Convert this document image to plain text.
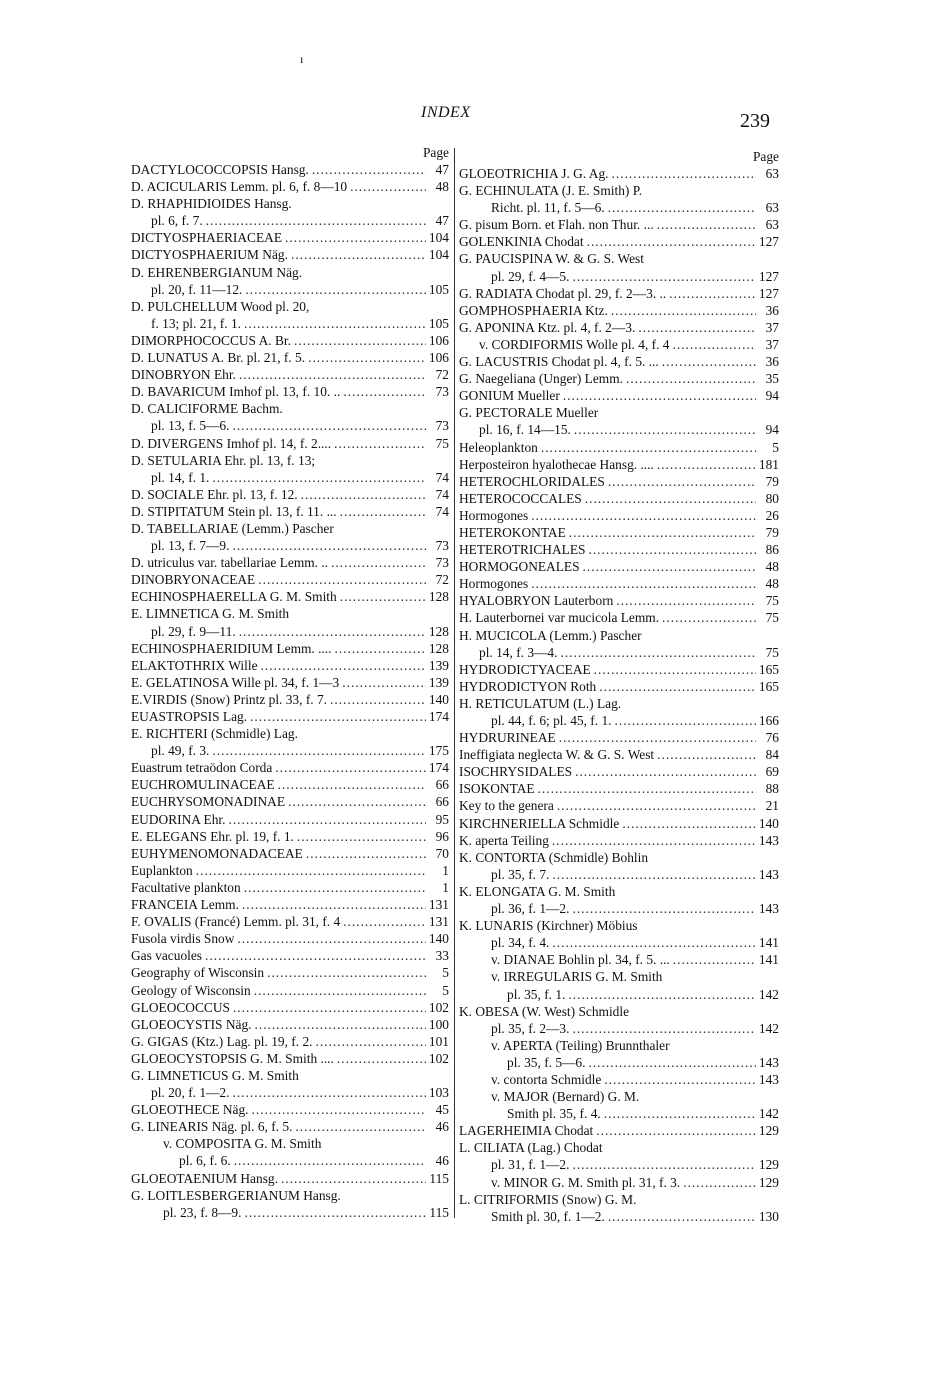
ı
INDEX	239
Page
DACTYLOCOCCOPSIS Hansg. .....	47
D. ACICULARIS Lemm. pl. 6, f. 8—10 .....	48
D. RHAPHIDIOIDES Hansg.
pl. 6, f. 7. .....	47
DICTYOSPHAERIACEAE .....	104
DICTYOSPHAERIUM Näg. .....	104
D. EHRENBERGIANUM Näg.
pl. 20, f. 11—12. .....	105
D. PULCHELLUM Wood pl. 20,
f. 13; pl. 21, f. 1. .....	105
DIMORPHOCOCCUS A. Br. .....	106
D. LUNATUS A. Br. pl. 21, f. 5. .....	106
DINOBRYON Ehr. .....	72
D. BAVARICUM Imhof pl. 13, f. 10. .. .....	73
D. CALICIFORME Bachm.
pl. 13, f. 5—6. .....	73
D. DIVERGENS Imhof pl. 14, f. 2.... .....	75
D. SETULARIA Ehr. pl. 13, f. 13;
pl. 14, f. 1. .....	74
D. SOCIALE Ehr. pl. 13, f. 12. .....	74
D. STIPITATUM Stein pl. 13, f. 11. ... .....	74
D. TABELLARIAE (Lemm.) Pascher
pl. 13, f. 7—9. .....	73
D. utriculus var. tabellariae Lemm. .. .....	73
DINOBRYONACEAE .....	72
ECHINOSPHAERELLA G. M. Smith .....	128
E. LIMNETICA G. M. Smith
pl. 29, f. 9—11. .....	128
ECHINOSPHAERIDIUM Lemm. .... .....	128
ELAKTOTHRIX Wille .....	139
E. GELATINOSA Wille pl. 34, f. 1—3 .....	139
E.VIRDIS (Snow) Printz pl. 33, f. 7. .....	140
EUASTROPSIS Lag. .....	174
E. RICHTERI (Schmidle) Lag.
pl. 49, f. 3. .....	175
Euastrum tetraödon Corda .....	174
EUCHROMULINACEAE .....	66
EUCHRYSOMONADINAE .....	66
EUDORINA Ehr. .....	95
E. ELEGANS Ehr. pl. 19, f. 1. .....	96
EUHYMENOMONADACEAE .....	70
Euplankton .....	1
Facultative plankton .....	1
FRANCEIA Lemm. .....	131
F. OVALIS (Francé) Lemm. pl. 31, f. 4 .....	131
Fusola virdis Snow .....	140
Gas vacuoles .....	33
Geography of Wisconsin .....	5
Geology of Wisconsin .....	5
GLOEOCOCCUS .....	102
GLOEOCYSTIS Näg. .....	100
G. GIGAS (Ktz.) Lag. pl. 19, f. 2. .....	101
GLOEOCYSTOPSIS G. M. Smith .... .....	102
G. LIMNETICUS G. M. Smith
pl. 20, f. 1—2. .....	103
GLOEOTHECE Näg. .....	45
G. LINEARIS Näg. pl. 6, f. 5. .....	46
v. COMPOSITA G. M. Smith
pl. 6, f. 6. .....	46
GLOEOTAENIUM Hansg. .....	115
G. LOITLESBERGERIANUM Hansg.
pl. 23, f. 8—9. .....	115
Page
GLOEOTRICHIA J. G. Ag. .....	63
G. ECHINULATA (J. E. Smith) P.
Richt. pl. 11, f. 5—6. .....	63
G. pisum Born. et Flah. non Thur. ... .....	63
GOLENKINIA Chodat .....	127
G. PAUCISPINA W. & G. S. West
pl. 29, f. 4—5. .....	127
G. RADIATA Chodat pl. 29, f. 2—3. .. .....	127
GOMPHOSPHAERIA Ktz. .....	36
G. APONINA Ktz. pl. 4, f. 2—3. .....	37
v. CORDIFORMIS Wolle pl. 4, f. 4 .....	37
G. LACUSTRIS Chodat pl. 4, f. 5. ... .....	36
G. Naegeliana (Unger) Lemm. .....	35
GONIUM Mueller .....	94
G. PECTORALE Mueller
pl. 16, f. 14—15. .....	94
Heleoplankton .....	5
Herposteiron hyalothecae Hansg. .... .....	181
HETEROCHLORIDALES .....	79
HETEROCOCCALES .....	80
Hormogones .....	26
HETEROKONTAE .....	79
HETEROTRICHALES .....	86
HORMOGONEALES .....	48
Hormogones .....	48
HYALOBRYON Lauterborn .....	75
H. Lauterbornei var mucicola Lemm. .....	75
H. MUCICOLA (Lemm.) Pascher
pl. 14, f. 3—4. .....	75
HYDRODICTYACEAE .....	165
HYDRODICTYON Roth .....	165
H. RETICULATUM (L.) Lag.
pl. 44, f. 6; pl. 45, f. 1. .....	166
HYDRURINEAE .....	76
Ineffigiata neglecta W. & G. S. West .....	84
ISOCHRYSIDALES .....	69
ISOKONTAE .....	88
Key to the genera .....	21
KIRCHNERIELLA Schmidle .....	140
K. aperta Teiling .....	143
K. CONTORTA (Schmidle) Bohlin
pl. 35, f. 7. .....	143
K. ELONGATA G. M. Smith
pl. 36, f. 1—2. .....	143
K. LUNARIS (Kirchner) Möbius
pl. 34, f. 4. .....	141
v. DIANAE Bohlin pl. 34, f. 5. ... .....	141
v. IRREGULARIS G. M. Smith
pl. 35, f. 1. .....	142
K. OBESA (W. West) Schmidle
pl. 35, f. 2—3. .....	142
v. APERTA (Teiling) Brunnthaler
pl. 35, f. 5—6. .....	143
v. contorta Schmidle .....	143
v. MAJOR (Bernard) G. M.
Smith pl. 35, f. 4. .....	142
LAGERHEIMIA Chodat .....	129
L. CILIATA (Lag.) Chodat
pl. 31, f. 1—2. .....	129
v. MINOR G. M. Smith pl. 31, f. 3. .....	129
L. CITRIFORMIS (Snow) G. M.
Smith pl. 30, f. 1—2. .....	130
